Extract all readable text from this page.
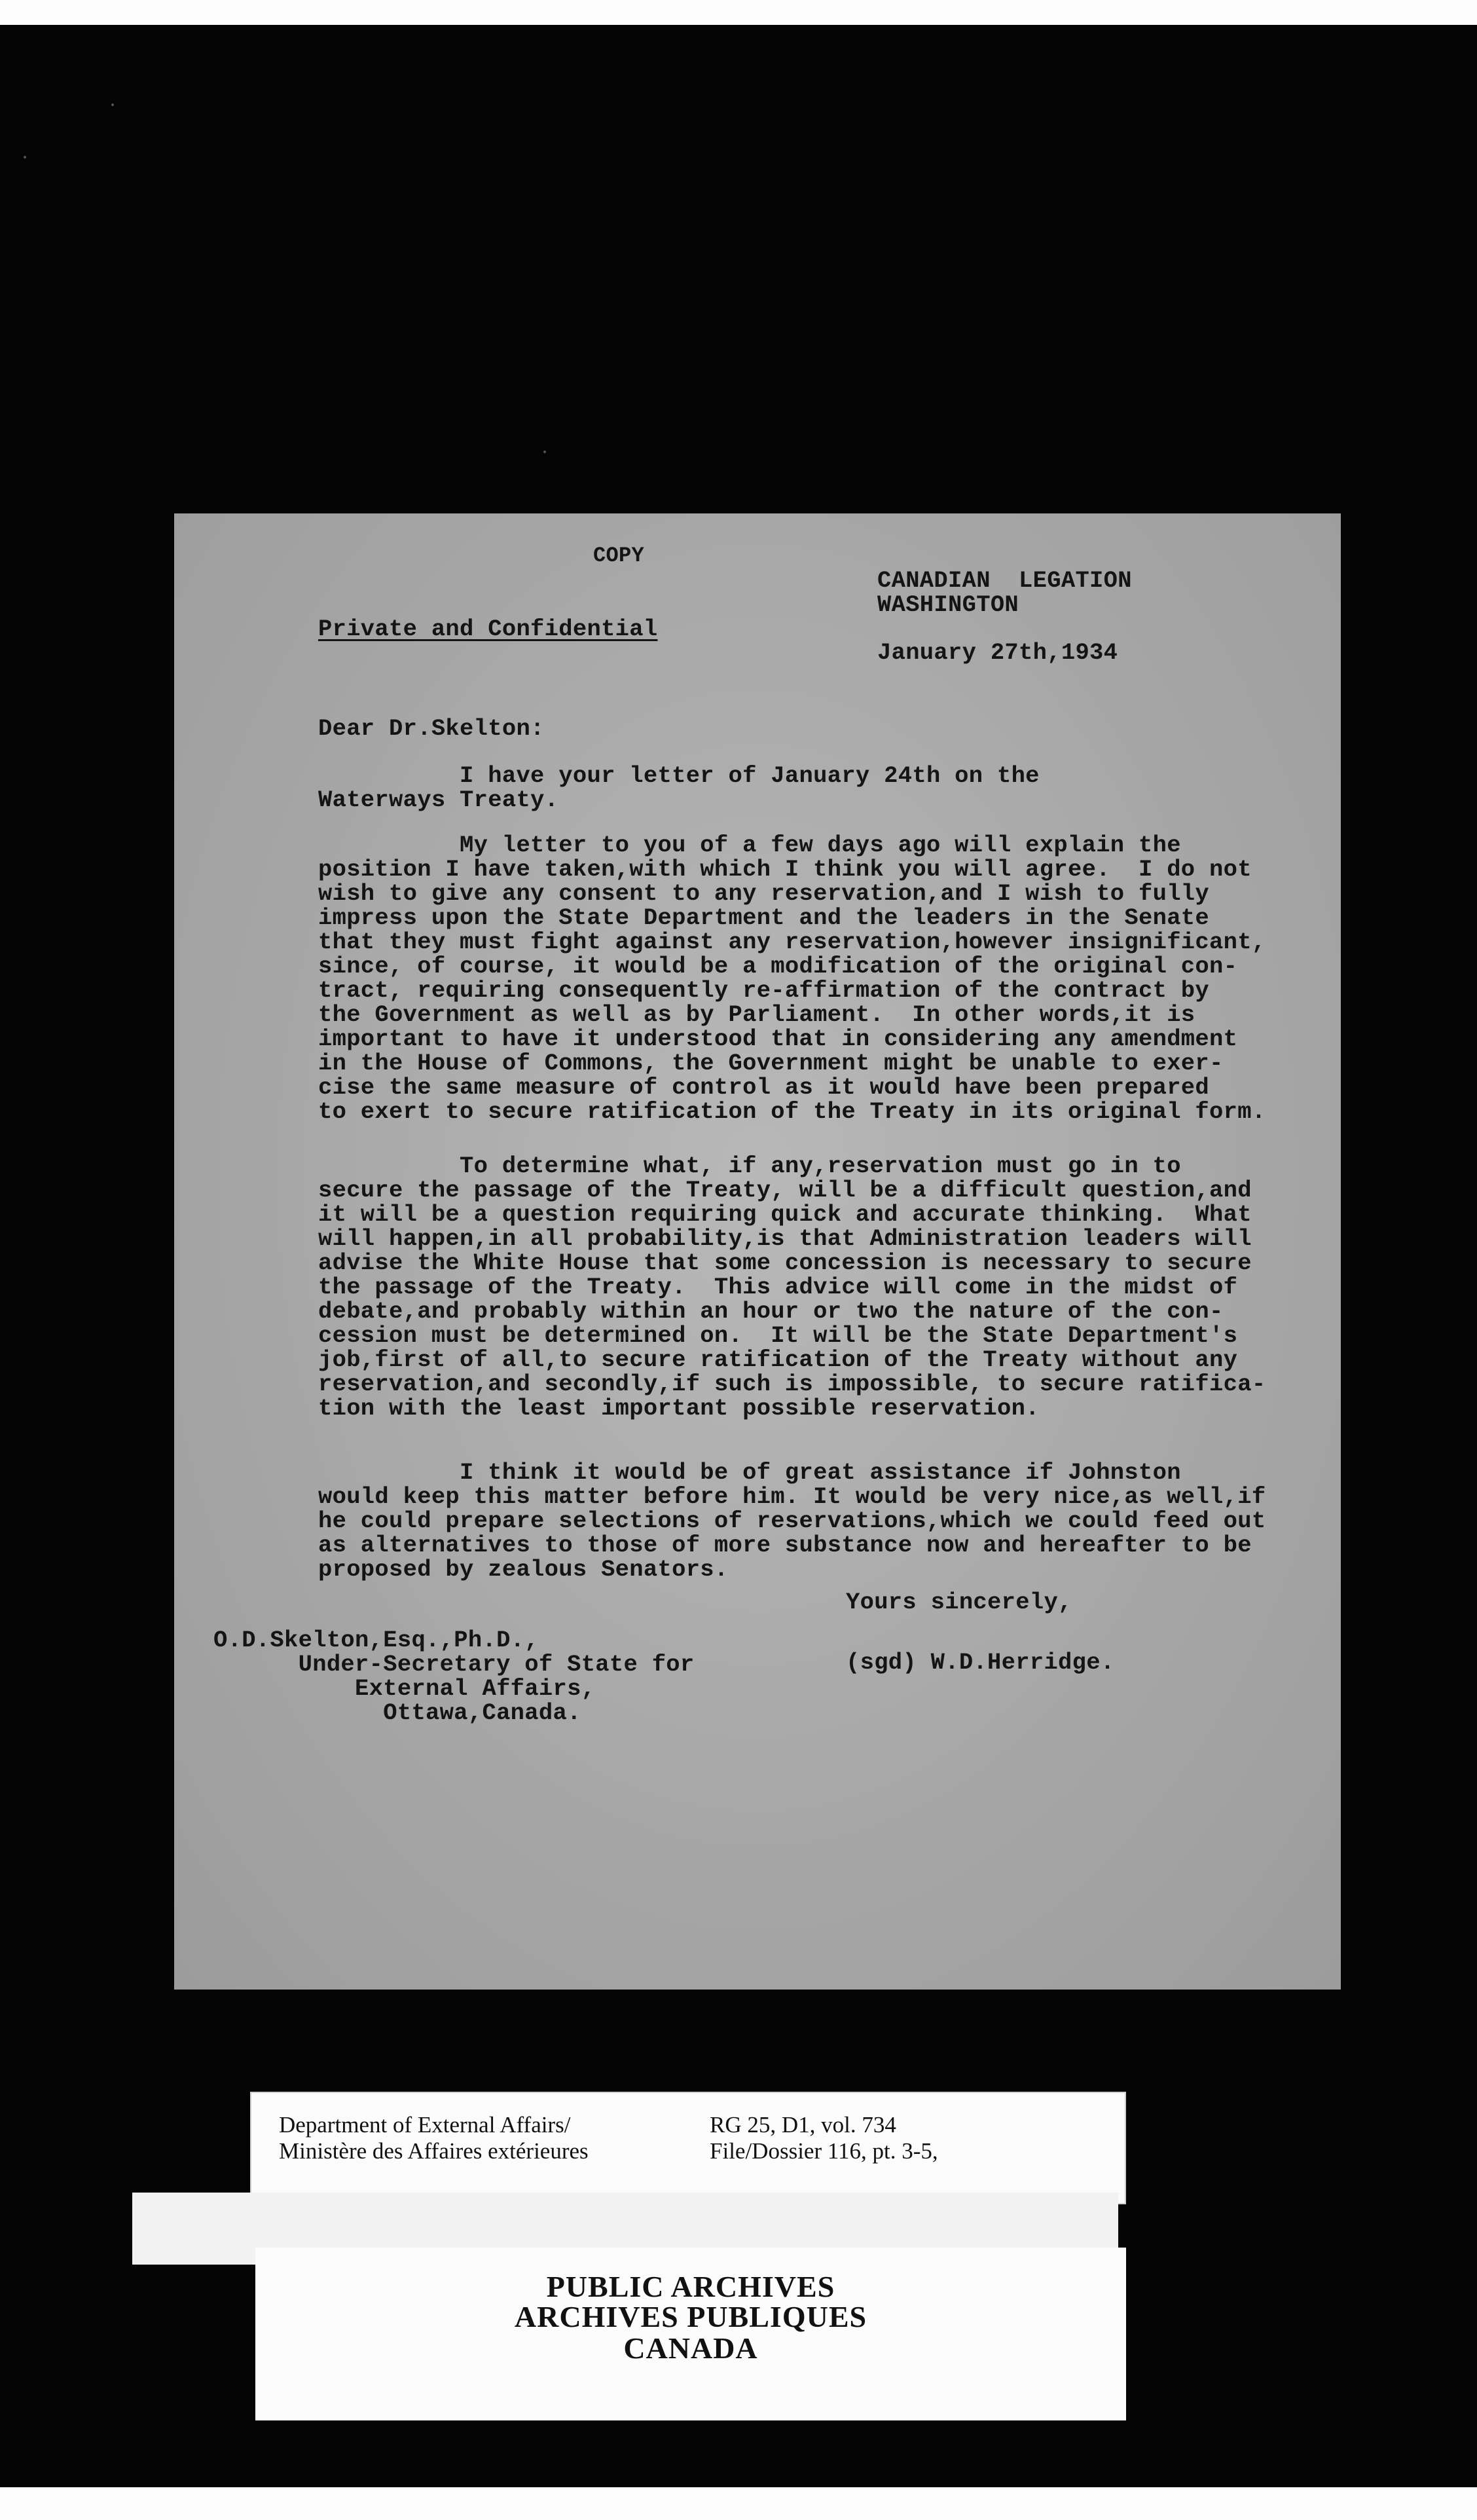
COPY
CANADIAN  LEGATION
WASHINGTON
Private and Confidential
January 27th,1934
Dear Dr.Skelton:
I have your letter of January 24th on the
Waterways Treaty.
My letter to you of a few days ago will explain the
position I have taken,with which I think you will agree.  I do not
wish to give any consent to any reservation,and I wish to fully
impress upon the State Department and the leaders in the Senate
that they must fight against any reservation,however insignificant,
since, of course, it would be a modification of the original con-
tract, requiring consequently re-affirmation of the contract by
the Government as well as by Parliament.  In other words,it is
important to have it understood that in considering any amendment
in the House of Commons, the Government might be unable to exer-
cise the same measure of control as it would have been prepared
to exert to secure ratification of the Treaty in its original form.
To determine what, if any,reservation must go in to
secure the passage of the Treaty, will be a difficult question,and
it will be a question requiring quick and accurate thinking.  What
will happen,in all probability,is that Administration leaders will
advise the White House that some concession is necessary to secure
the passage of the Treaty.  This advice will come in the midst of
debate,and probably within an hour or two the nature of the con-
cession must be determined on.  It will be the State Department's
job,first of all,to secure ratification of the Treaty without any
reservation,and secondly,if such is impossible, to secure ratifica-
tion with the least important possible reservation.
I think it would be of great assistance if Johnston
would keep this matter before him. It would be very nice,as well,if
he could prepare selections of reservations,which we could feed out
as alternatives to those of more substance now and hereafter to be
proposed by zealous Senators.
Yours sincerely,
O.D.Skelton,Esq.,Ph.D.,
Under-Secretary of State for
External Affairs,
Ottawa,Canada.
(sgd) W.D.Herridge.
Department of External Affairs/
Ministère des Affaires extérieures
RG 25, D1, vol. 734
File/Dossier 116, pt. 3-5,
PUBLIC ARCHIVES
ARCHIVES PUBLIQUES
CANADA
